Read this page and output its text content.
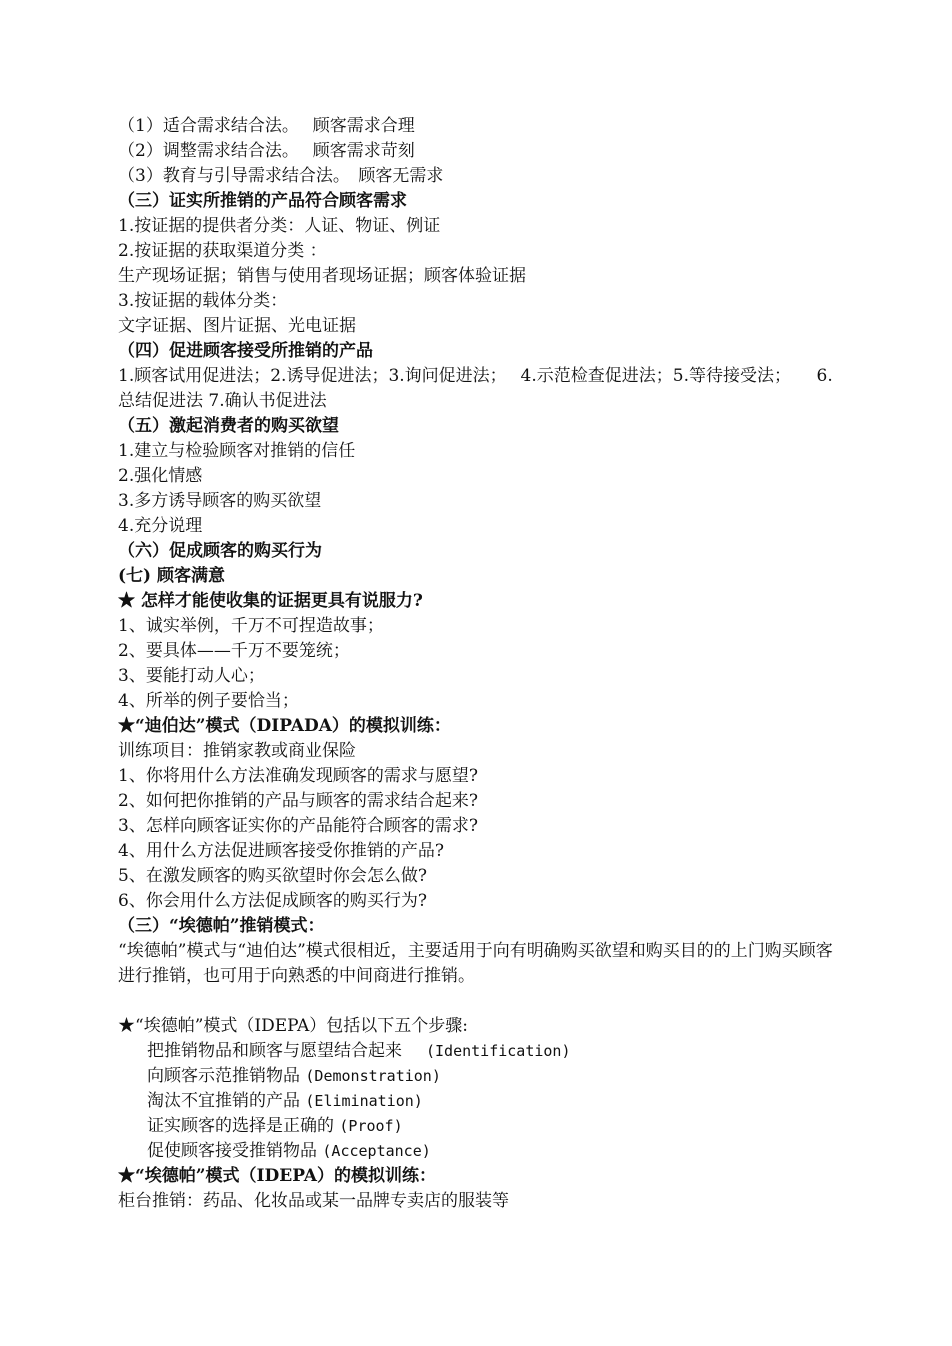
（1）适合需求结合法。　 顾客需求合理
（2）调整需求结合法。　 顾客需求苛刻
（3）教育与引导需求结合法。　顾客无需求
（三）证实所推销的产品符合顾客需求
1.按证据的提供者分类：人证、物证、例证
2.按证据的获取渠道分类 ：
生产现场证据；销售与使用者现场证据；顾客体验证据
3.按证据的载体分类：
文字证据、图片证据、光电证据
（四）促进顾客接受所推销的产品
1.顾客试用促进法；2.诱导促进法；3.询问促进法；　 4.示范检查促进法；5.等待接受法；　　6. 总结促进法 7.确认书促进法
（五）激起消费者的购买欲望
1.建立与检验顾客对推销的信任
2.强化情感
3.多方诱导顾客的购买欲望
4.充分说理
（六）促成顾客的购买行为
(七) 顾客满意
★ 怎样才能使收集的证据更具有说服力?
1、诚实举例，千万不可捏造故事；
2、要具体——千万不要笼统；
3、要能打动人心；
4、所举的例子要恰当；
★“迪伯达”模式（DIPADA）的模拟训练：
训练项目：推销家教或商业保险
1、你将用什么方法准确发现顾客的需求与愿望?
2、如何把你推销的产品与顾客的需求结合起来?
3、怎样向顾客证实你的产品能符合顾客的需求?
4、用什么方法促进顾客接受你推销的产品?
5、在激发顾客的购买欲望时你会怎么做?
6、你会用什么方法促成顾客的购买行为?
（三）“埃德帕”推销模式：
“埃德帕”模式与“迪伯达”模式很相近，主要适用于向有明确购买欲望和购买目的的上门购买顾客进行推销，也可用于向熟悉的中间商进行推销。
★“埃德帕”模式（IDEPA）包括以下五个步骤:
把推销物品和顾客与愿望结合起来 (Identification)
向顾客示范推销物品 (Demonstration)
淘汰不宜推销的产品 (Elimination)
证实顾客的选择是正确的 (Proof)
促使顾客接受推销物品 (Acceptance)
★“埃德帕”模式（IDEPA）的模拟训练：
柜台推销：药品、化妆品或某一品牌专卖店的服装等
